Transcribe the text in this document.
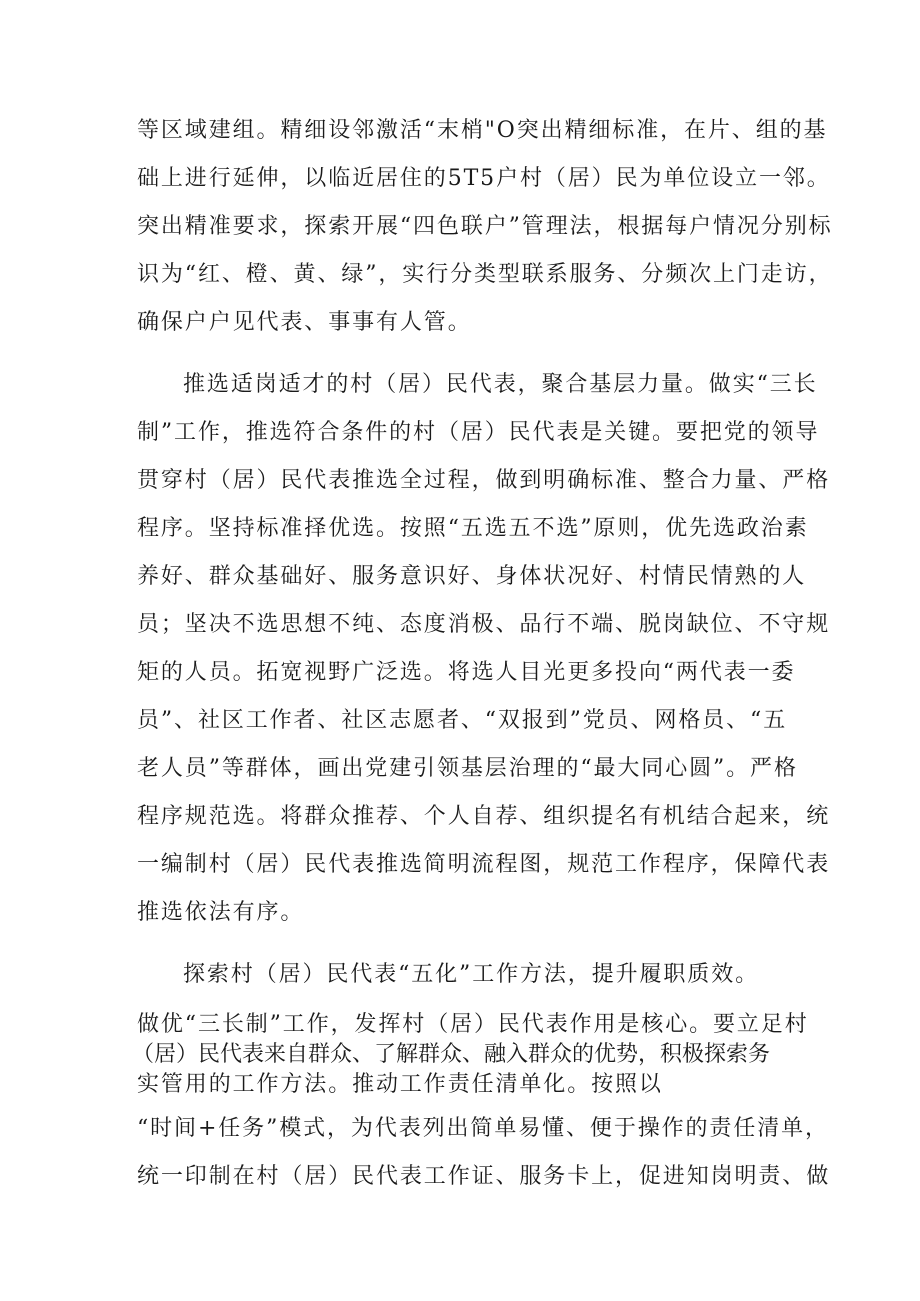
等区域建组。精细设邻激活“末梢"O突出精细标准，在片、组的基
础上进行延伸，以临近居住的5T5户村（居）民为单位设立一邻。
突出精准要求，探索开展“四色联户”管理法，根据每户情况分别标
识为“红、橙、黄、绿”，实行分类型联系服务、分频次上门走访，
确保户户见代表、事事有人管。
推选适岗适才的村（居）民代表，聚合基层力量。做实“三长
制”工作，推选符合条件的村（居）民代表是关键。要把党的领导
贯穿村（居）民代表推选全过程，做到明确标准、整合力量、严格
程序。坚持标准择优选。按照“五选五不选”原则，优先选政治素
养好、群众基础好、服务意识好、身体状况好、村情民情熟的人
员；坚决不选思想不纯、态度消极、品行不端、脱岗缺位、不守规
矩的人员。拓宽视野广泛选。将选人目光更多投向“两代表一委
员”、社区工作者、社区志愿者、“双报到”党员、网格员、“五
老人员”等群体，画出党建引领基层治理的“最大同心圆”。严格
程序规范选。将群众推荐、个人自荐、组织提名有机结合起来，统
一编制村（居）民代表推选简明流程图，规范工作程序，保障代表
推选依法有序。
探索村（居）民代表“五化”工作方法，提升履职质效。
做优“三长制”工作，发挥村（居）民代表作用是核心。要立足村
（居）民代表来自群众、了解群众、融入群众的优势，积极探索务
实管用的工作方法。推动工作责任清单化。按照以
“时间+任务”模式，为代表列出简单易懂、便于操作的责任清单，
统一印制在村（居）民代表工作证、服务卡上，促进知岗明责、做
